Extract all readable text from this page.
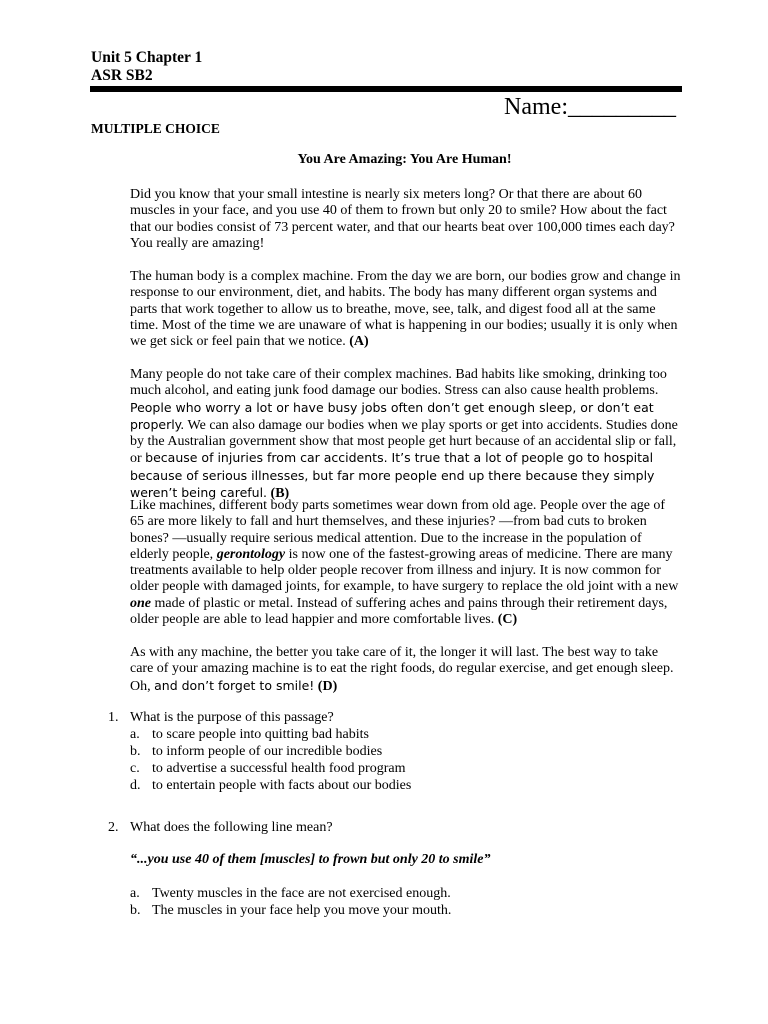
Unit 5 Chapter 1
ASR SB2
Name:_________
MULTIPLE CHOICE
You Are Amazing: You Are Human!
Did you know that your small intestine is nearly six meters long? Or that there are about 60 muscles in your face, and you use 40 of them to frown but only 20 to smile? How about the fact that our bodies consist of 73 percent water, and that our hearts beat over 100,000 times each day? You really are amazing!
The human body is a complex machine. From the day we are born, our bodies grow and change in response to our environment, diet, and habits. The body has many different organ systems and parts that work together to allow us to breathe, move, see, talk, and digest food all at the same time. Most of the time we are unaware of what is happening in our bodies; usually it is only when we get sick or feel pain that we notice. (A)
Many people do not take care of their complex machines. Bad habits like smoking, drinking too much alcohol, and eating junk food damage our bodies. Stress can also cause health problems. People who worry a lot or have busy jobs often don’t get enough sleep, or don’t eat properly. We can also damage our bodies when we play sports or get into accidents. Studies done by the Australian government show that most people get hurt because of an accidental slip or fall, or because of injuries from car accidents. It’s true that a lot of people go to hospital because of serious illnesses, but far more people end up there because they simply weren’t being careful. (B)
Like machines, different body parts sometimes wear down from old age. People over the age of 65 are more likely to fall and hurt themselves, and these injuries? —from bad cuts to broken bones? —usually require serious medical attention. Due to the increase in the population of elderly people, gerontology is now one of the fastest-growing areas of medicine. There are many treatments available to help older people recover from illness and injury. It is now common for older people with damaged joints, for example, to have surgery to replace the old joint with a new one made of plastic or metal. Instead of suffering aches and pains through their retirement days, older people are able to lead happier and more comfortable lives. (C)
As with any machine, the better you take care of it, the longer it will last. The best way to take care of your amazing machine is to eat the right foods, do regular exercise, and get enough sleep. Oh, and don’t forget to smile! (D)
1. What is the purpose of this passage?
a. to scare people into quitting bad habits
b. to inform people of our incredible bodies
c. to advertise a successful health food program
d. to entertain people with facts about our bodies
2. What does the following line mean?
“...you use 40 of them [muscles] to frown but only 20 to smile”
a. Twenty muscles in the face are not exercised enough.
b. The muscles in your face help you move your mouth.
